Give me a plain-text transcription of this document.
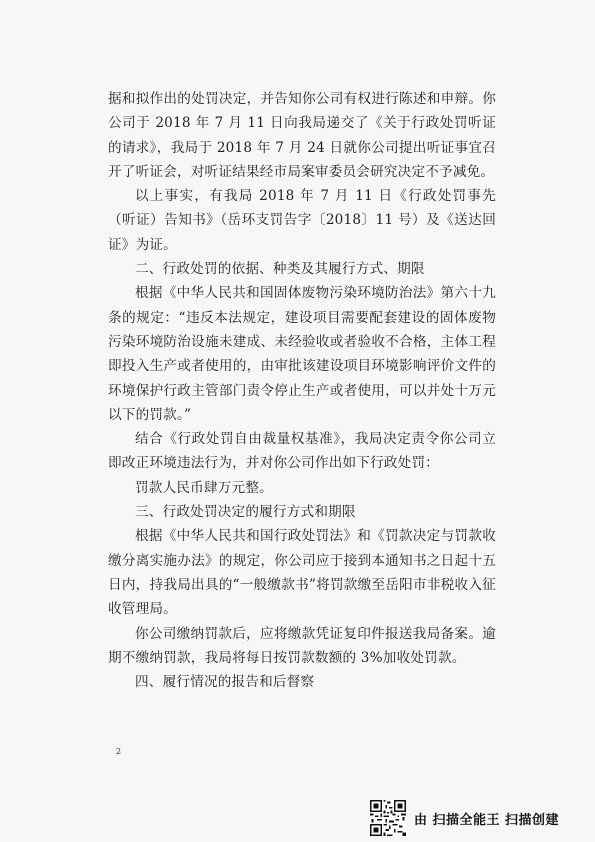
据和拟作出的处罚决定，并告知你公司有权进行陈述和申辩。你公司于 2018 年 7 月 11 日向我局递交了《关于行政处罚听证的请求》，我局于 2018 年 7 月 24 日就你公司提出听证事宜召开了听证会，对听证结果经市局案审委员会研究决定不予减免。

以上事实，有我局 2018 年 7 月 11 日《行政处罚事先（听证）告知书》（岳环支罚告字〔2018〕11 号）及《送达回证》为证。

二、行政处罚的依据、种类及其履行方式、期限

根据《中华人民共和国固体废物污染环境防治法》第六十九条的规定：“违反本法规定，建设项目需要配套建设的固体废物污染环境防治设施未建成、未经验收或者验收不合格，主体工程即投入生产或者使用的，由审批该建设项目环境影响评价文件的环境保护行政主管部门责令停止生产或者使用，可以并处十万元以下的罚款。”

结合《行政处罚自由裁量权基准》，我局决定责令你公司立即改正环境违法行为，并对你公司作出如下行政处罚：

罚款人民币肆万元整。

三、行政处罚决定的履行方式和期限

根据《中华人民共和国行政处罚法》和《罚款决定与罚款收缴分离实施办法》的规定，你公司应于接到本通知书之日起十五日内，持我局出具的“一般缴款书”将罚款缴至岳阳市非税收入征收管理局。

你公司缴纳罚款后，应将缴款凭证复印件报送我局备案。逾期不缴纳罚款，我局将每日按罚款数额的 3%加收处罚款。

四、履行情况的报告和后督察

2
由 扫描全能王 扫描创建
